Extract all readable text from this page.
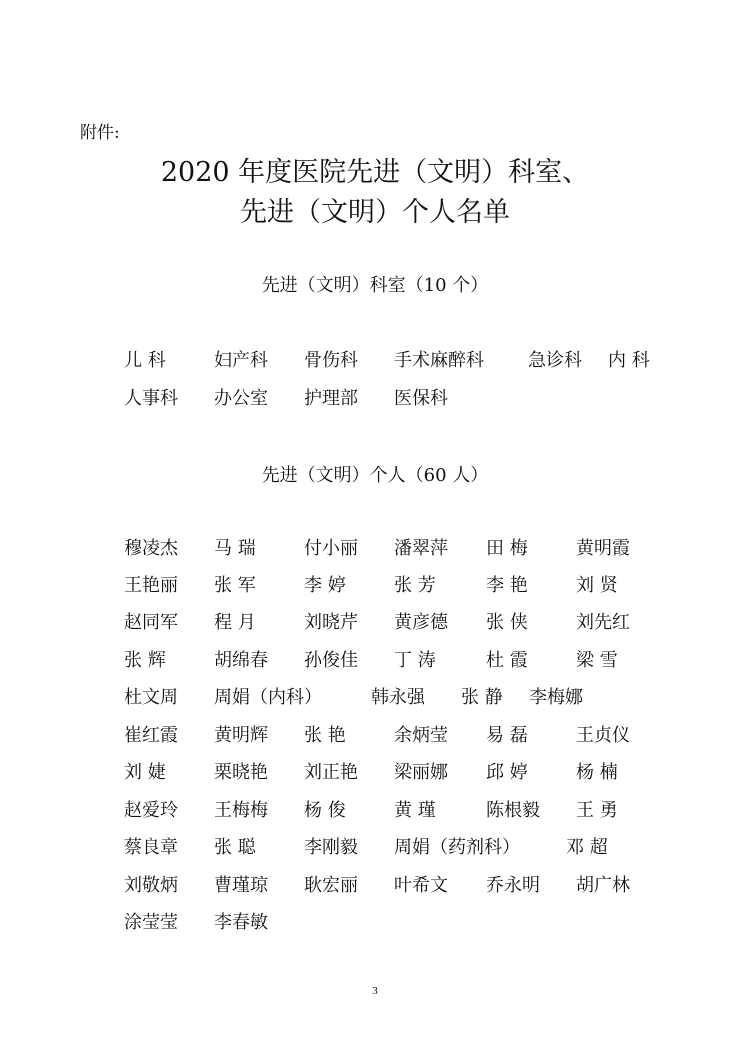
附件:
2020 年度医院先进（文明）科室、
先进（文明）个人名单
先进（文明）科室（10 个）
儿 科	妇产科 骨伤科 手术麻醉科 急诊科 内 科
人事科 办公室 护理部 医保科
先进（文明）个人（60 人）
穆凌杰 马 瑞	付小丽 潘翠萍 田 梅	黄明霞
王艳丽 张 军	李 婷	张 芳	李 艳	刘 贤
赵同军 程 月	刘晓芹 黄彦德 张 侠	刘先红
张 辉	胡绵春 孙俊佳 丁 涛	杜 霞	梁 雪
杜文周 周娟（内科）	韩永强 张 静 李梅娜
崔红霞 黄明辉 张 艳	余炳莹 易 磊	王贞仪
刘 婕	栗晓艳 刘正艳 梁丽娜 邱 婷	杨 楠
赵爱玲 王梅梅 杨 俊	黄 瑾	陈根毅 王 勇
蔡良章 张 聪	李刚毅 周娟（药剂科）	邓 超
刘敬炳 曹瑾琼 耿宏丽 叶希文 乔永明 胡广林
涂莹莹 李春敏
3
